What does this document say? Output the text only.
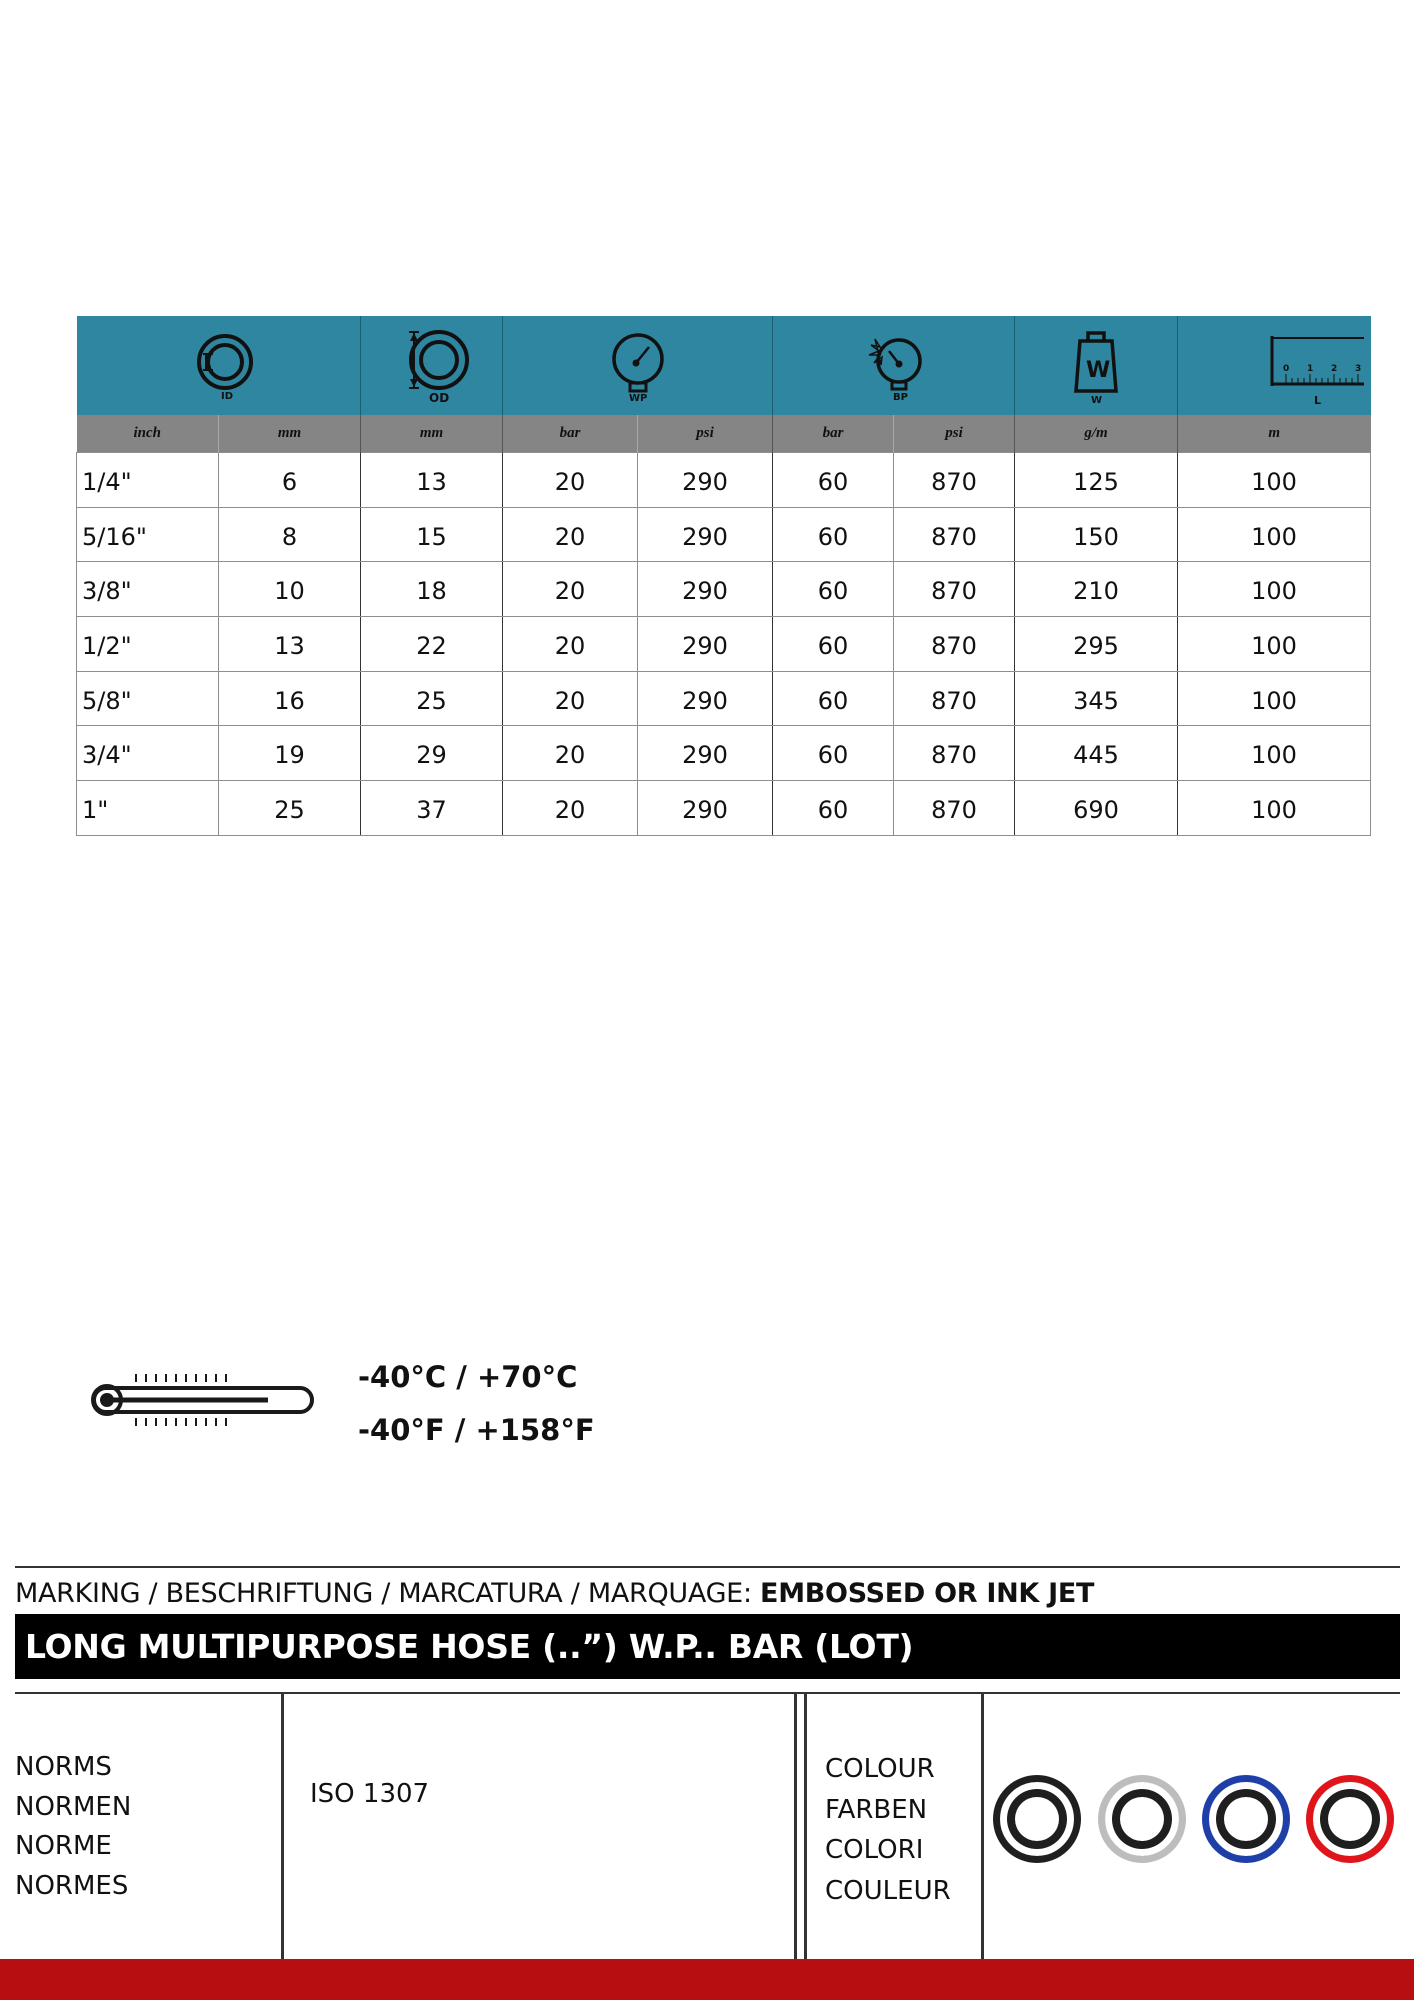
ID		OD	WP		BP		W
W	0 1 2 3
L

inch	mm	mm	bar	psi	bar	psi	g/m	m
1/4"	6	13	20	290	60	870	125	100
5/16"	8	15	20	290	60	870	150	100
3/8"	10	18	20	290	60	870	210	100
1/2"	13	22	20	290	60	870	295	100
5/8"	16	25	20	290	60	870	345	100
3/4"	19	29	20	290	60	870	445	100
1"	25	37	20	290	60	870	690	100
-40°C / +70°C
-40°F / +158°F
MARKING / BESCHRIFTUNG / MARCATURA / MARQUAGE: EMBOSSED OR INK JET
LONG MULTIPURPOSE HOSE (..”) W.P.. BAR (LOT)
NORMS
NORMEN
NORME
NORMES
ISO 1307
COLOUR
FARBEN
COLORI
COULEUR
